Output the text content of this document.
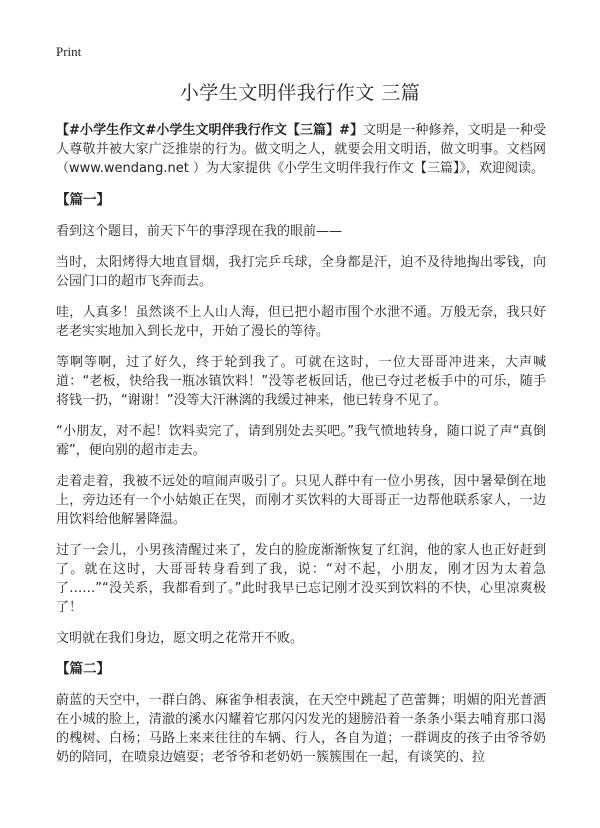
Print
小学生文明伴我行作文 三篇

【#小学生作文#小学生文明伴我行作文【三篇】#】文明是一种修养，文明是一种受人尊敬并被大家广泛推崇的行为。做文明之人，就要会用文明语，做文明事。文档网（www.wendang.net ）为大家提供《小学生文明伴我行作文【三篇】》，欢迎阅读。

【篇一】

看到这个题目，前天下午的事浮现在我的眼前——

当时，太阳烤得大地直冒烟，我打完乒乓球，全身都是汗，迫不及待地掏出零钱，向公园门口的超市飞奔而去。

哇，人真多！虽然谈不上人山人海，但已把小超市围个水泄不通。万般无奈，我只好老老实实地加入到长龙中，开始了漫长的等待。

等啊等啊，过了好久，终于轮到我了。可就在这时，一位大哥哥冲进来，大声喊道：“老板，快给我一瓶冰镇饮料！”没等老板回话，他已夺过老板手中的可乐，随手将钱一扔，“谢谢！”没等大汗淋漓的我缓过神来，他已转身不见了。

“小朋友，对不起！饮料卖完了，请到别处去买吧。”我气愤地转身，随口说了声“真倒霉”，便向别的超市走去。

走着走着，我被不远处的喧闹声吸引了。只见人群中有一位小男孩，因中暑晕倒在地上，旁边还有一个小姑娘正在哭，而刚才买饮料的大哥哥正一边帮他联系家人，一边用饮料给他解暑降温。

过了一会儿，小男孩清醒过来了，发白的脸庞渐渐恢复了红润，他的家人也正好赶到了。就在这时，大哥哥转身看到了我，说：“对不起，小朋友，刚才因为太着急了……”“没关系，我都看到了。”此时我早已忘记刚才没买到饮料的不快，心里凉爽极了！

文明就在我们身边，愿文明之花常开不败。

【篇二】

蔚蓝的天空中，一群白鸽、麻雀争相表演，在天空中跳起了芭蕾舞；明媚的阳光普洒在小城的脸上，清澈的溪水闪耀着它那闪闪发光的翅膀沿着一条条小渠去哺育那口渴的槐树、白杨；马路上来来往往的车辆、行人，各自为道；一群调皮的孩子由爷爷奶奶的陪同，在喷泉边嬉耍；老爷爷和老奶奶一簇簇围在一起，有谈笑的、拉
